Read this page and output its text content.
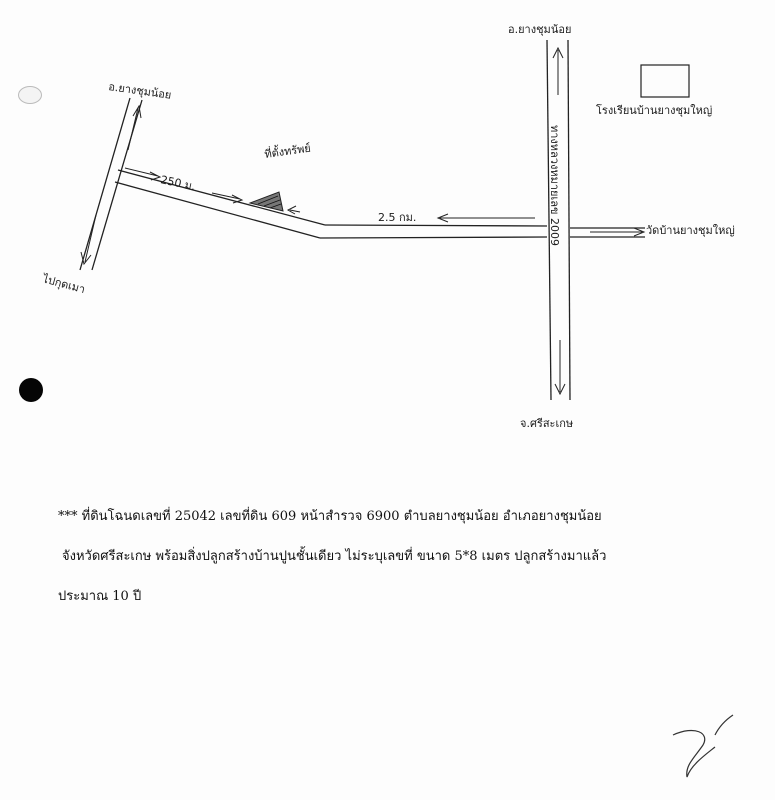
อ.ยางชุมน้อย
โรงเรียนบ้านยางชุมใหญ่
อ.ยางชุมน้อย
250 ม.
ที่ตั้งทรัพย์
2.5 กม.
วัดบ้านยางชุมใหญ่
ทางหลวงหมายเลข 2009
ไปกุดเมา
จ.ศรีสะเกษ

*** ที่ดินโฉนดเลขที่ 25042 เลขที่ดิน 609 หน้าสำรวจ 6900 ตำบลยางชุมน้อย อำเภอยางชุมน้อย

จังหวัดศรีสะเกษ พร้อมสิ่งปลูกสร้างบ้านปูนชั้นเดียว ไม่ระบุเลขที่ ขนาด 5*8 เมตร ปลูกสร้างมาแล้ว

ประมาณ 10 ปี
